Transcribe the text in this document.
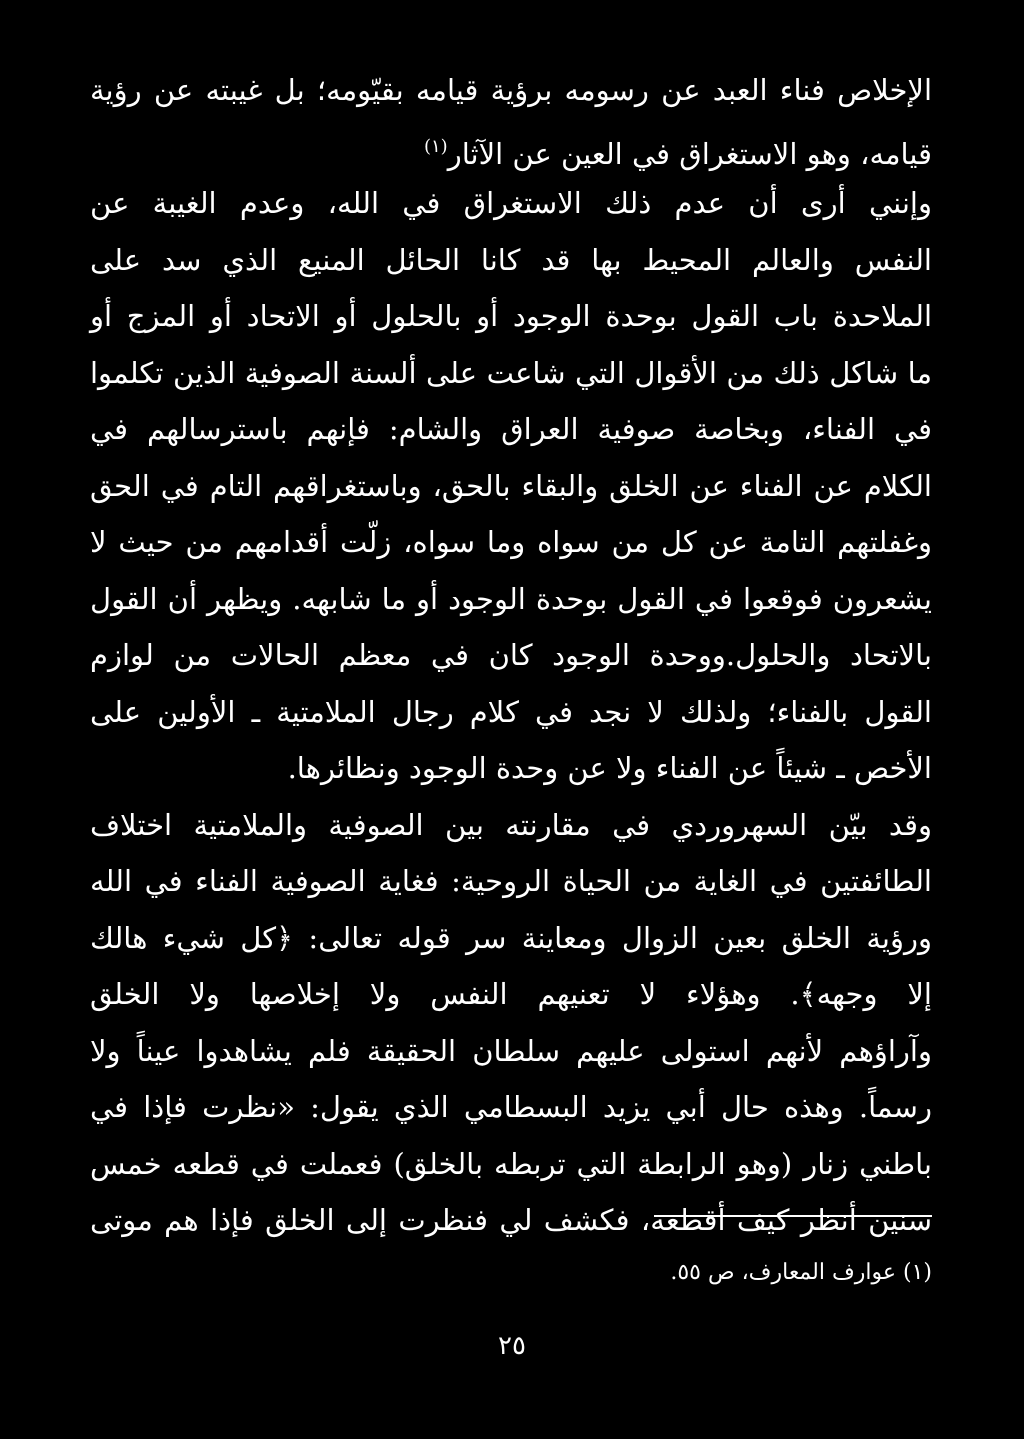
الإخلاص فناء العبد عن رسومه برؤية قيامه بقيّومه؛ بل غيبته عن رؤية
قيامه، وهو الاستغراق في العين عن الآثار$^{(١)}$
وإنني أرى أن عدم ذلك الاستغراق في الله، وعدم الغيبة عن
النفس والعالم المحيط بها قد كانا الحائل المنيع الذي سد على
الملاحدة باب القول بوحدة الوجود أو بالحلول أو الاتحاد أو المزج أو
ما شاكل ذلك من الأقوال التي شاعت على ألسنة الصوفية الذين تكلموا
في الفناء، وبخاصة صوفية العراق والشام: فإنهم باسترسالهم في
الكلام عن الفناء عن الخلق والبقاء بالحق، وباستغراقهم التام في الحق
وغفلتهم التامة عن كل من سواه وما سواه، زلّت أقدامهم من حيث لا
يشعرون فوقعوا في القول بوحدة الوجود أو ما شابهه. ويظهر أن القول
بالاتحاد والحلول.ووحدة الوجود كان في معظم الحالات من لوازم
القول بالفناء؛ ولذلك لا نجد في كلام رجال الملامتية ـ الأولين على
الأخص ـ شيئاً عن الفناء ولا عن وحدة الوجود ونظائرها.
وقد بيّن السهروردي في مقارنته بين الصوفية والملامتية اختلاف
الطائفتين في الغاية من الحياة الروحية: فغاية الصوفية الفناء في الله
ورؤية الخلق بعين الزوال ومعاينة سر قوله تعالى: ﴿كل شيء هالك
إلا وجهه﴾. وهؤلاء لا تعنيهم النفس ولا إخلاصها ولا الخلق
وآراؤهم لأنهم استولى عليهم سلطان الحقيقة فلم يشاهدوا عيناً ولا
رسماً. وهذه حال أبي يزيد البسطامي الذي يقول: «نظرت فإذا في
باطني زنار (وهو الرابطة التي تربطه بالخلق) فعملت في قطعه خمس
سنين أنظر كيف أقطعه، فكشف لي فنظرت إلى الخلق فإذا هم موتى
(١) عوارف المعارف، ص ٥٥.
٢٥
